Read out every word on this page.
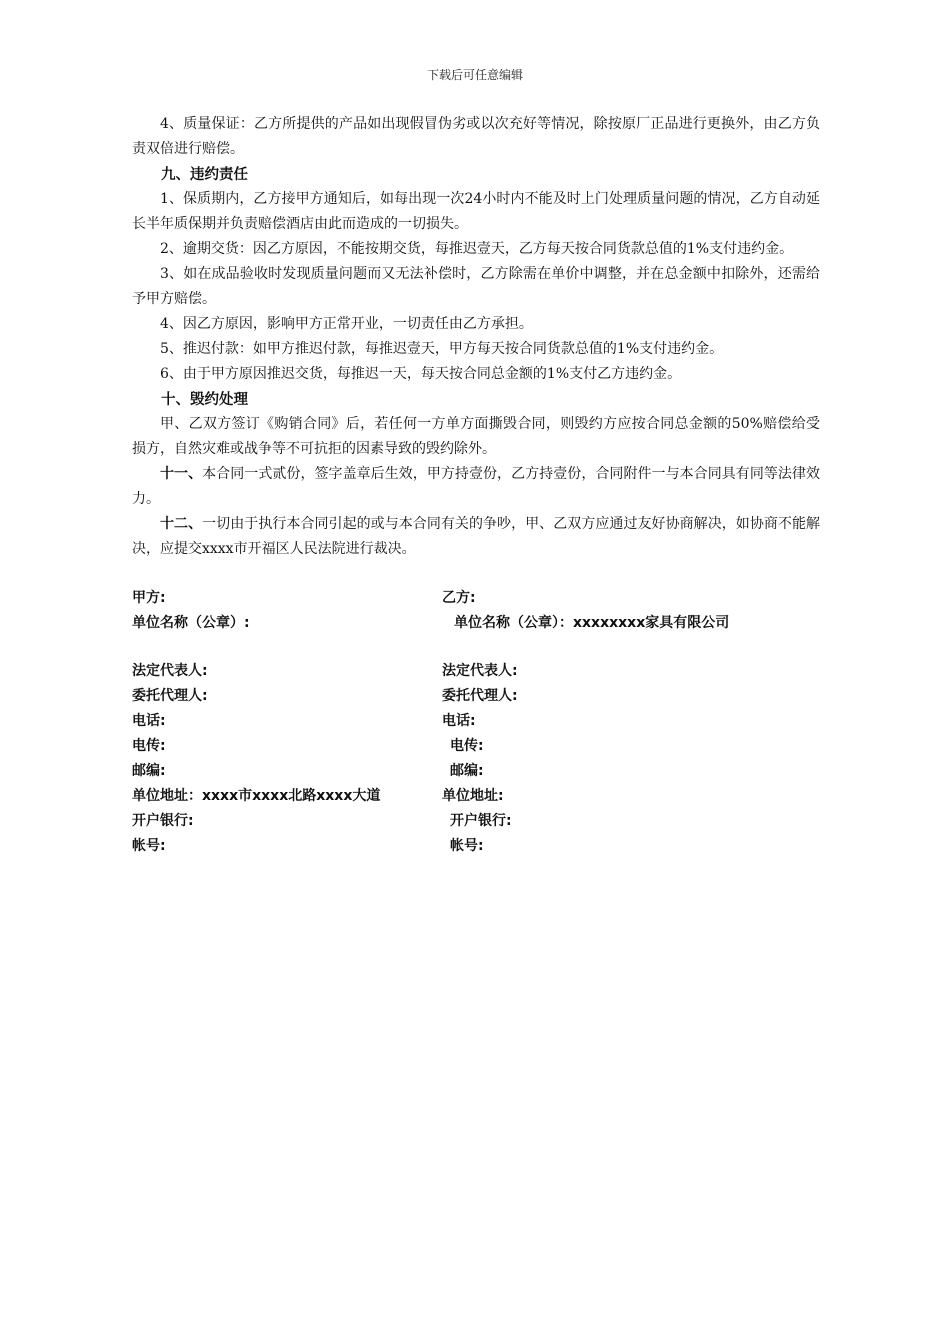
下载后可任意编辑

4、质量保证：乙方所提供的产品如出现假冒伪劣或以次充好等情况，除按原厂正品进行更换外，由乙方负责双倍进行赔偿。

九、违约责任

1、保质期内，乙方接甲方通知后，如每出现一次24小时内不能及时上门处理质量问题的情况，乙方自动延长半年质保期并负责赔偿酒店由此而造成的一切损失。

2、逾期交货：因乙方原因，不能按期交货，每推迟壹天，乙方每天按合同货款总值的1%支付违约金。

3、如在成品验收时发现质量问题而又无法补偿时，乙方除需在单价中调整，并在总金额中扣除外，还需给予甲方赔偿。

4、因乙方原因，影响甲方正常开业，一切责任由乙方承担。

5、推迟付款：如甲方推迟付款，每推迟壹天，甲方每天按合同货款总值的1%支付违约金。

6、由于甲方原因推迟交货，每推迟一天，每天按合同总金额的1%支付乙方违约金。

十、毁约处理

甲、乙双方签订《购销合同》后，若任何一方单方面撕毁合同，则毁约方应按合同总金额的50%赔偿给受损方，自然灾难或战争等不可抗拒的因素导致的毁约除外。

十一、本合同一式贰份，签字盖章后生效，甲方持壹份，乙方持壹份，合同附件一与本合同具有同等法律效力。

十二、一切由于执行本合同引起的或与本合同有关的争吵，甲、乙双方应通过友好协商解决，如协商不能解决，应提交xxxx市开福区人民法院进行裁决。

甲方:	乙方:
单位名称（公章）:	单位名称（公章）：xxxxxxxx家具有限公司
法定代表人:	法定代表人:
委托代理人:	委托代理人:
电话:	电话:
电传:	电传:
邮编:	邮编:
单位地址：xxxx市xxxx北路xxxx大道	单位地址:
开户银行:	开户银行:
帐号:	帐号:
